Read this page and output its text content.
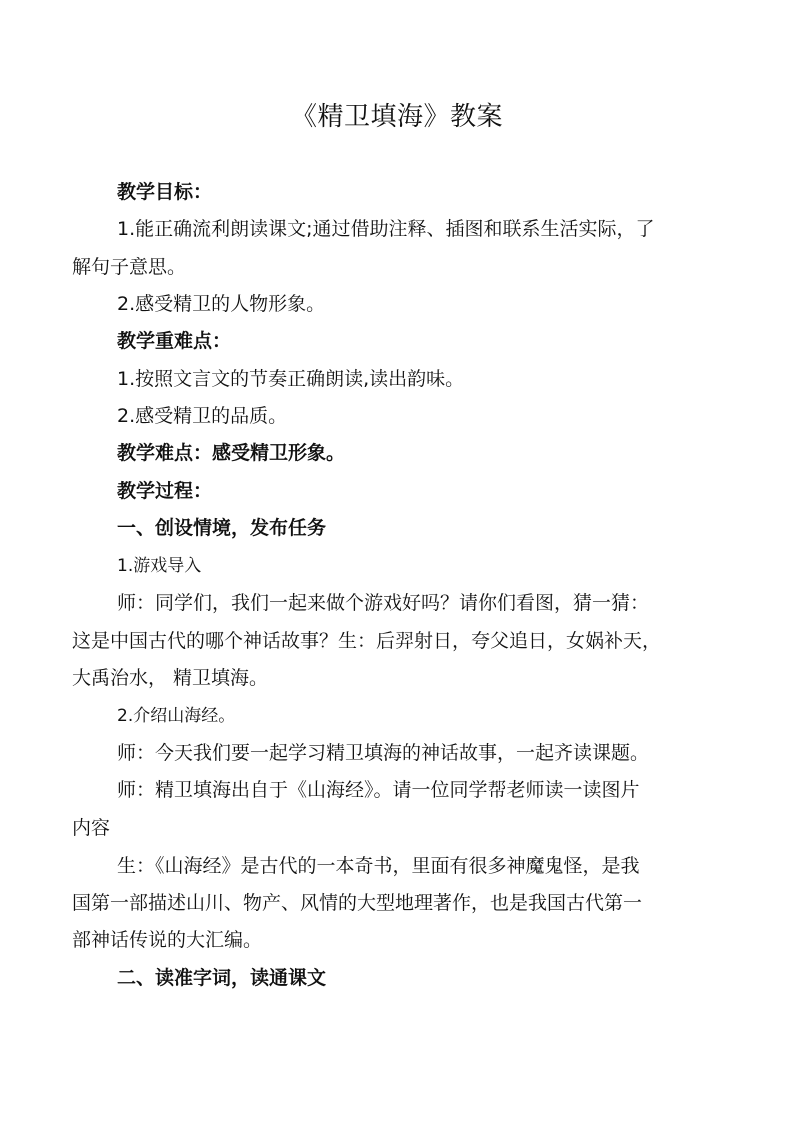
《精卫填海》教案
教学目标：
1.能正确流利朗读课文;通过借助注释、插图和联系生活实际，了
解句子意思。
2.感受精卫的人物形象。
教学重难点：
1.按照文言文的节奏正确朗读,读出韵味。
2.感受精卫的品质。
教学难点：感受精卫形象。
教学过程：
一、创设情境，发布任务
1.游戏导入
师：同学们，我们一起来做个游戏好吗？请你们看图，猜一猜：
这是中国古代的哪个神话故事？生：后羿射日，夸父追日，女娲补天，
大禹治水， 精卫填海。
2.介绍山海经。
师：今天我们要一起学习精卫填海的神话故事，一起齐读课题。
师：精卫填海出自于《山海经》。请一位同学帮老师读一读图片
内容
生：《山海经》是古代的一本奇书，里面有很多神魔鬼怪，是我
国第一部描述山川、物产、风情的大型地理著作，也是我国古代第一
部神话传说的大汇编。
二、读准字词，读通课文
